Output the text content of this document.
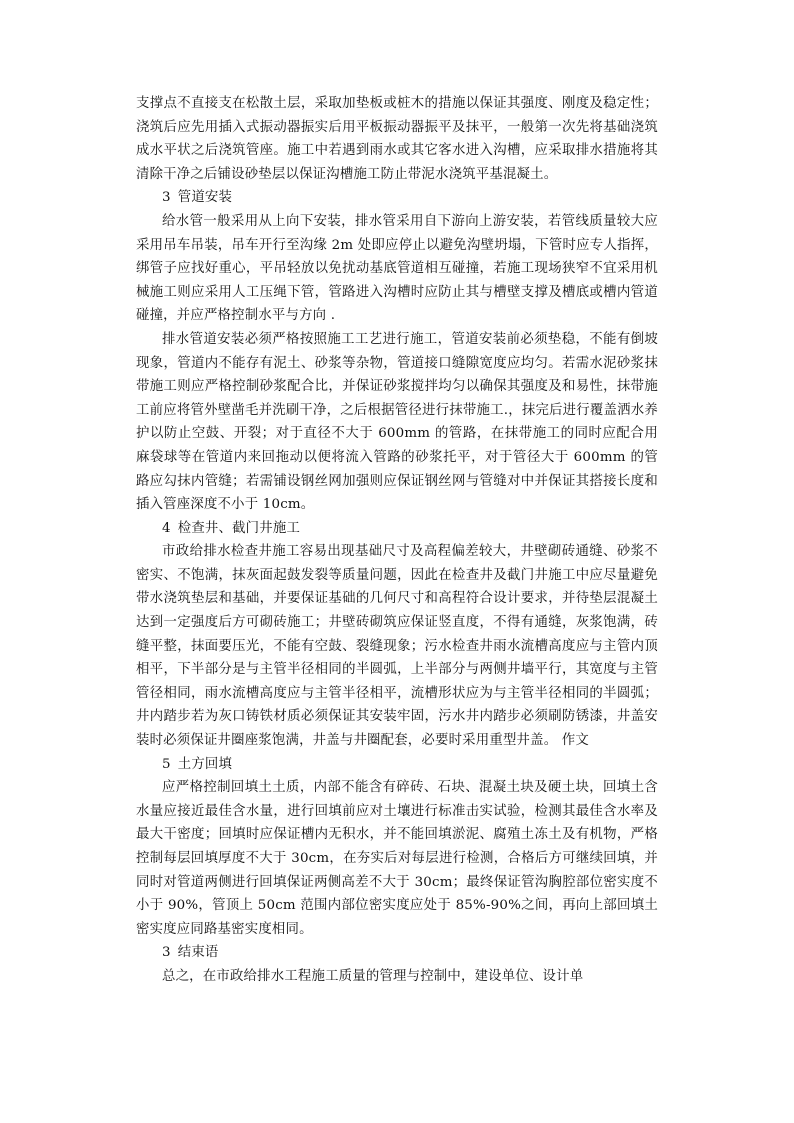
支撑点不直接支在松散土层，采取加垫板或桩木的措施以保证其强度、刚度及稳定性；浇筑后应先用插入式振动器振实后用平板振动器振平及抹平，一般第一次先将基础浇筑成水平状之后浇筑管座。施工中若遇到雨水或其它客水进入沟槽，应采取排水措施将其清除干净之后铺设砂垫层以保证沟槽施工防止带泥水浇筑平基混凝土。

3 管道安装

给水管一般采用从上向下安装，排水管采用自下游向上游安装，若管线质量较大应采用吊车吊装，吊车开行至沟缘 2m 处即应停止以避免沟壁坍塌，下管时应专人指挥，绑管子应找好重心，平吊轻放以免扰动基底管道相互碰撞，若施工现场狭窄不宜采用机械施工则应采用人工压绳下管，管路进入沟槽时应防止其与槽壁支撑及槽底或槽内管道碰撞，并应严格控制水平与方向 .

排水管道安装必须严格按照施工工艺进行施工，管道安装前必须垫稳，不能有倒坡现象，管道内不能存有泥土、砂浆等杂物，管道接口缝隙宽度应均匀。若需水泥砂浆抹带施工则应严格控制砂浆配合比，并保证砂浆搅拌均匀以确保其强度及和易性，抹带施工前应将管外壁凿毛并洗刷干净，之后根据管径进行抹带施工.，抹完后进行覆盖洒水养护以防止空鼓、开裂；对于直径不大于 600mm 的管路，在抹带施工的同时应配合用麻袋球等在管道内来回拖动以便将流入管路的砂浆托平，对于管径大于 600mm 的管路应勾抹内管缝；若需铺设钢丝网加强则应保证钢丝网与管缝对中并保证其搭接长度和插入管座深度不小于 10cm。

4 检查井、截门井施工

市政给排水检查井施工容易出现基础尺寸及高程偏差较大，井壁砌砖通缝、砂浆不密实、不饱满，抹灰面起鼓发裂等质量问题，因此在检查井及截门井施工中应尽量避免带水浇筑垫层和基础，并要保证基础的几何尺寸和高程符合设计要求，并待垫层混凝土达到一定强度后方可砌砖施工；井壁砖砌筑应保证竖直度，不得有通缝，灰浆饱满，砖缝平整，抹面要压光，不能有空鼓、裂缝现象；污水检查井雨水流槽高度应与主管内顶相平，下半部分是与主管半径相同的半圆弧，上半部分与两侧井墙平行，其宽度与主管管径相同，雨水流槽高度应与主管半径相平，流槽形状应为与主管半径相同的半圆弧；井内踏步若为灰口铸铁材质必须保证其安装牢固，污水井内踏步必须刷防锈漆，井盖安装时必须保证井圈座浆饱满，井盖与井圈配套，必要时采用重型井盖。 作文

5 土方回填

应严格控制回填土土质，内部不能含有碎砖、石块、混凝土块及硬土块，回填土含水量应接近最佳含水量，进行回填前应对土壤进行标准击实试验，检测其最佳含水率及最大干密度；回填时应保证槽内无积水，并不能回填淤泥、腐殖土冻土及有机物，严格控制每层回填厚度不大于 30cm，在夯实后对每层进行检测，合格后方可继续回填，并同时对管道两侧进行回填保证两侧高差不大于 30cm；最终保证管沟胸腔部位密实度不小于 90%，管顶上 50cm 范围内部位密实度应处于 85%-90%之间，再向上部回填土密实度应同路基密实度相同。

3 结束语

总之，在市政给排水工程施工质量的管理与控制中，建设单位、设计单
